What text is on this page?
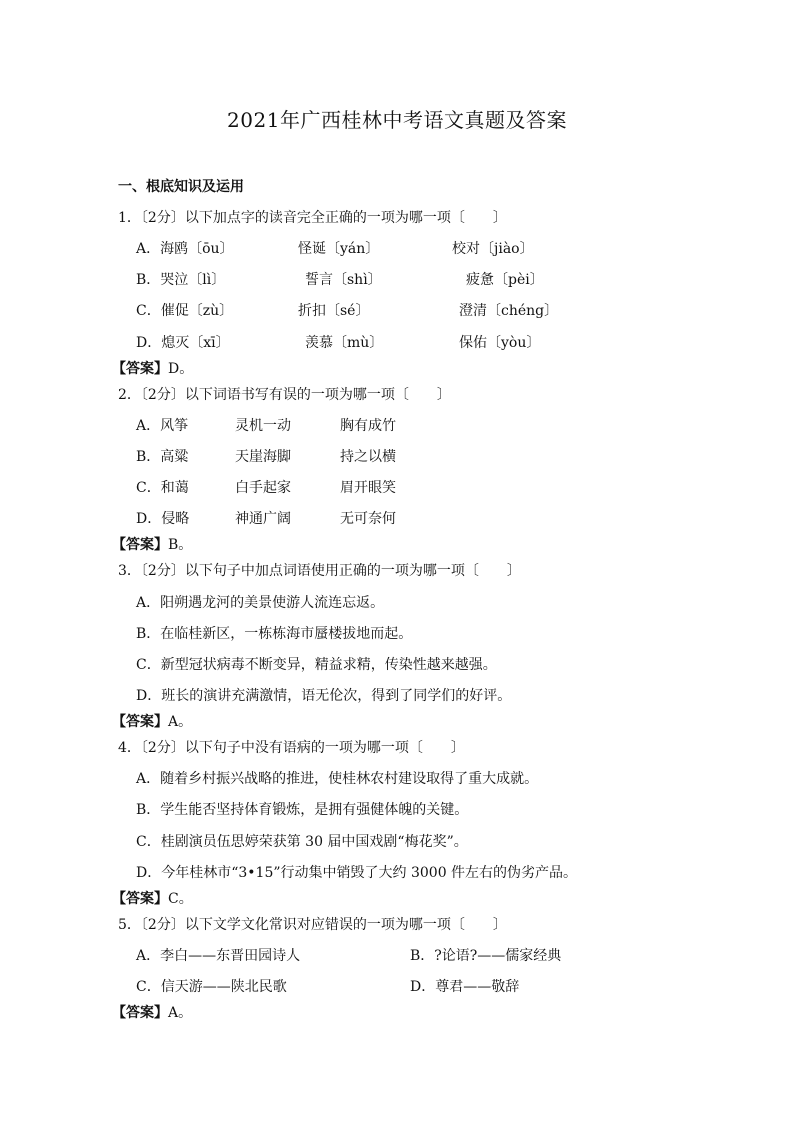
2021年广西桂林中考语文真题及答案
一、根底知识及运用
1．〔2分〕以下加点字的读音完全正确的一项为哪一项〔　　〕
A．海鸥〔ōu〕	怪诞〔yán〕	校对〔jiào〕
B．哭泣〔lì〕	誓言〔shì〕	疲惫〔pèi〕
C．催促〔zù〕	折扣〔sé〕	澄清〔chéng〕
D．熄灭〔xī〕	羡慕〔mù〕	保佑〔yòu〕
【答案】D。
2．〔2分〕以下词语书写有误的一项为哪一项〔　　〕
A．风筝	灵机一动	胸有成竹
B．高粱	天崖海脚	持之以横
C．和蔼	白手起家	眉开眼笑
D．侵略	神通广阔	无可奈何
【答案】B。
3．〔2分〕以下句子中加点词语使用正确的一项为哪一项〔　　〕
A．阳朔遇龙河的美景使游人流连忘返。
B．在临桂新区，一栋栋海市蜃楼拔地而起。
C．新型冠状病毒不断变异，精益求精，传染性越来越强。
D．班长的演讲充满激情，语无伦次，得到了同学们的好评。
【答案】A。
4．〔2分〕以下句子中没有语病的一项为哪一项〔　　〕
A．随着乡村振兴战略的推进，使桂林农村建设取得了重大成就。
B．学生能否坚持体育锻炼，是拥有强健体魄的关键。
C．桂剧演员伍思婷荣获第 30 届中国戏剧“梅花奖”。
D．今年桂林市“3•15”行动集中销毁了大约 3000 件左右的伪劣产品。
【答案】C。
5．〔2分〕以下文学文化常识对应错误的一项为哪一项〔　　〕
A．李白——东晋田园诗人	B．?论语?——儒家经典
C．信天游——陕北民歌	D．尊君——敬辞
【答案】A。
